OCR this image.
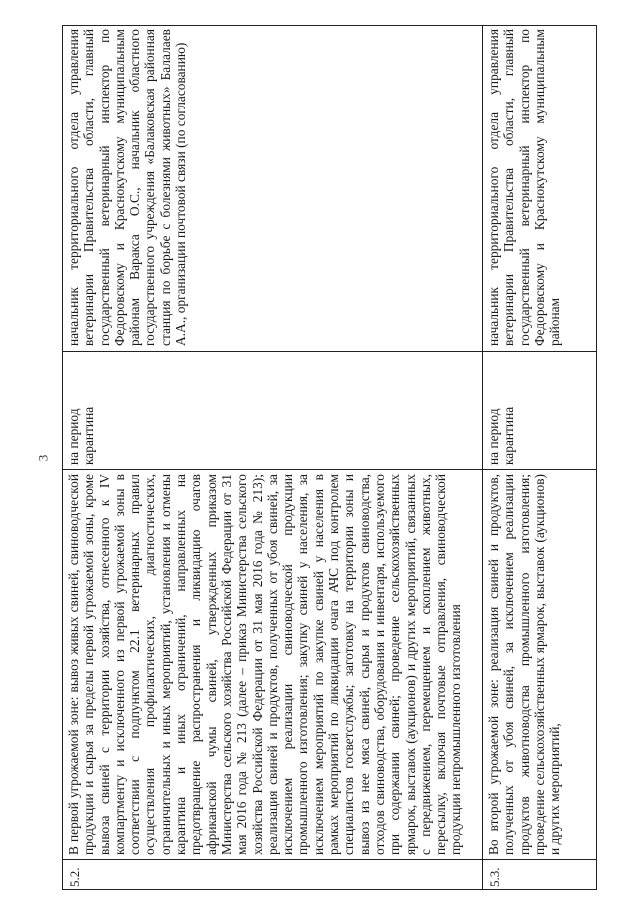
3
5.2.
В первой угрожаемой зоне: вывоз живых свиней, свиноводческой продукции и сырья за пределы первой угрожаемой зоны, кроме вывоза свиней с территории хозяйства, отнесенного к IV компартменту и исключенного из первой угрожаемой зоны в соответствии с подпунктом 22.1 ветеринарных правил осуществления профилактических, диагностических, ограничительных и иных мероприятий, установления и отмены карантина и иных ограничений, направленных на предотвращение распространения и ликвидацию очагов африканской чумы свиней, утвержденных приказом Министерства сельского хозяйства Российской Федерации от 31 мая 2016 года № 213 (далее – приказ Министерства сельского хозяйства Российской Федерации от 31 мая 2016 года № 213); реализация свиней и продуктов, полученных от убоя свиней, за исключением реализации свиноводческой продукции промышленного изготовления; закупку свиней у населения, за исключением мероприятий по закупке свиней у населения в рамках мероприятий по ликвидации очага АЧС под контролем специалистов госветслужбы; заготовку на территории зоны и вывоз из нее мяса свиней, сырья и продуктов свиноводства, отходов свиноводства, оборудования и инвентаря, используемого при содержании свиней; проведение сельскохозяйственных ярмарок, выставок (аукционов) и других мероприятий, связанных с передвижением, перемещением и скоплением животных, пересылку, включая почтовые отправления, свиноводческой продукции непромышленного изготовления
на период карантина
начальник территориального отдела управления ветеринарии Правительства области, главный государственный ветеринарный инспектор по Федоровскому и Краснокутскому муниципальным районам Варакса О.С., начальник областного государственного учреждения «Балаковская районная станция по борьбе с болезнями животных» Балалаев А.А., организации почтовой связи (по согласованию)
5.3.
Во второй угрожаемой зоне: реализация свиней и продуктов, полученных от убоя свиней, за исключением реализации продуктов животноводства промышленного изготовления; проведение сельскохозяйственных ярмарок, выставок (аукционов) и других мероприятий,
на период карантина
начальник территориального отдела управления ветеринарии Правительства области, главный государственный ветеринарный инспектор по Федоровскому и Краснокутскому муниципальным районам
